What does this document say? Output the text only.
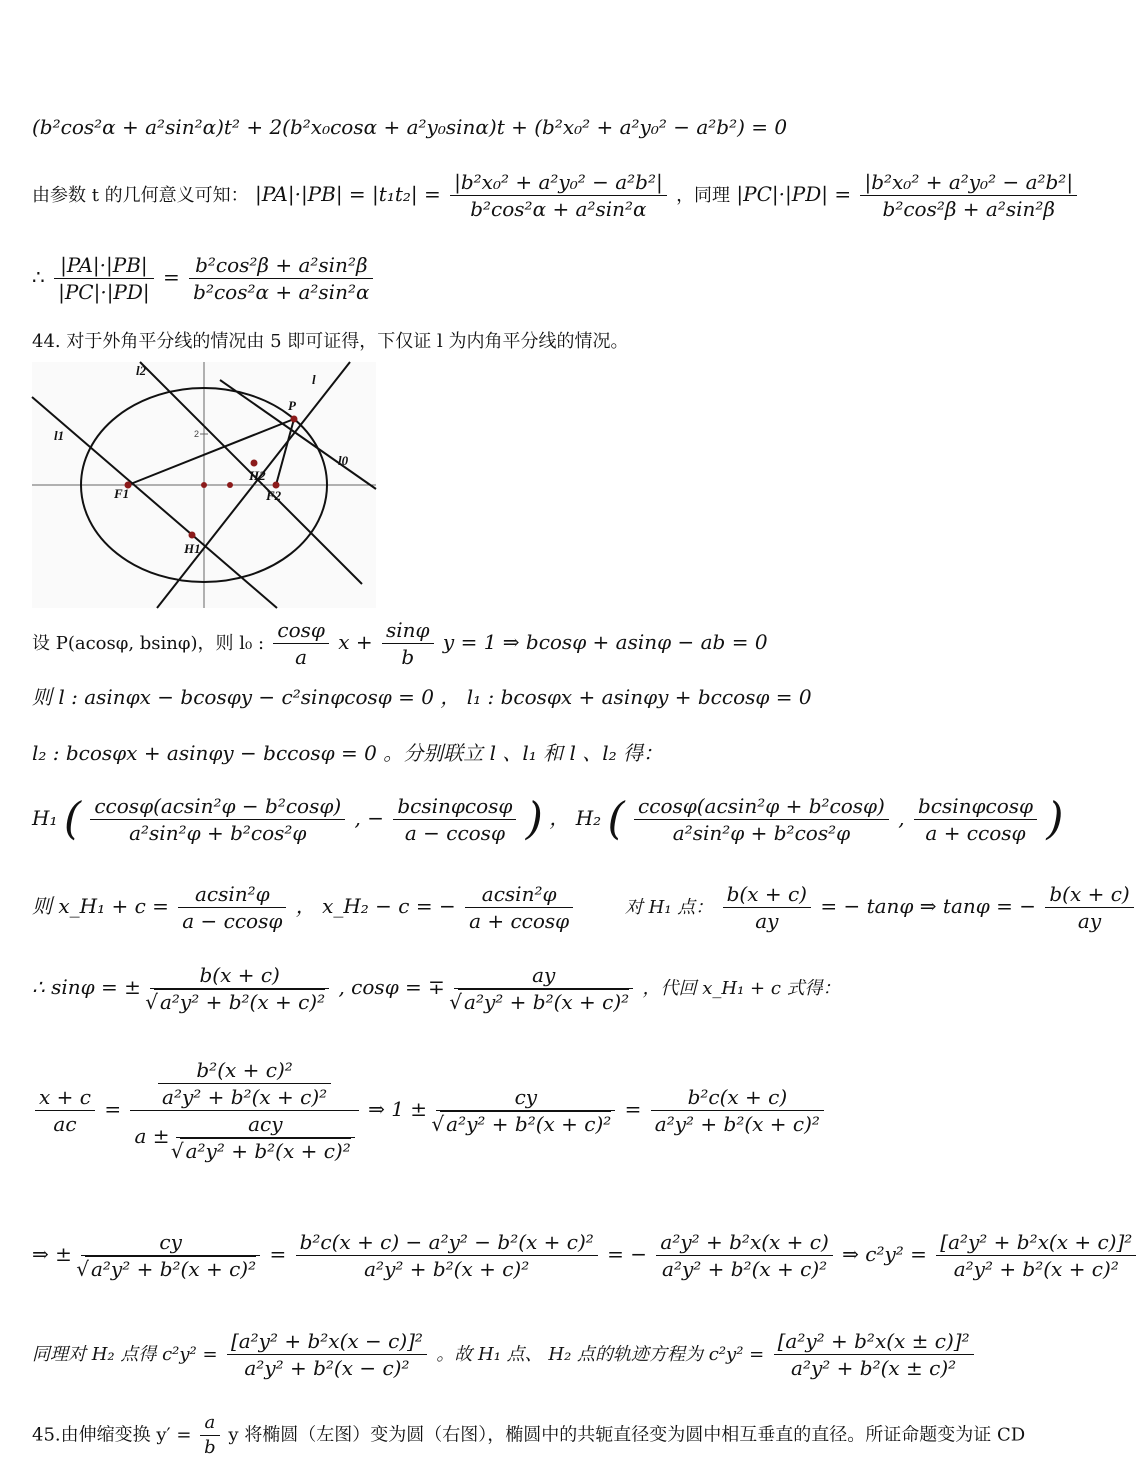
(b²cos²α + a²sin²α)t² + 2(b²x₀cosα + a²y₀sinα)t + (b²x₀² + a²y₀² − a²b²) = 0
由参数 t 的几何意义可知： $|PA|\cdot|PB| = |t_1t_2| = \frac{\text{|b²x₀² + a²y₀² − a²b²|}}{\text{b²cos²α + a²sin²α}}$ ，同理 $|PC|\cdot|PD| = \frac{\text{|b²x₀² + a²y₀² − a²b²|}}{\text{b²cos²β + a²sin²β}}$
∴ $\frac{|PA|\cdot|PB|}{|PC|\cdot|PD|} = \frac{\text{b²cos²β + a²sin²β}}{\text{b²cos²α + a²sin²α}}$
44. 对于外角平分线的情况由 5 即可证得，下仅证 l 为内角平分线的情况。
l2
l
l1
l0
P
H2
F1	F2
H1
2
设 P(acosφ, bsinφ)，则 l₀ : $\frac{\cos\varphi}{a}$ $x + \frac{\sin\varphi}{b}$ y = 1 ⇒ bcosφ + asinφ − ab = 0
则 l : asinφx − bcosφy − c²sinφcosφ = 0 ， l₁ : bcosφx + asinφy + bccosφ = 0
l₂ : bcosφx + asinφy − bccosφ = 0 。分别联立 l 、l₁ 和 l 、l₂ 得：
H₁ ( $\frac{\text{ccosφ(acsin²φ − b²cosφ)}}{\text{a²sin²φ + b²cos²φ}}$ , − $\frac{bcsin\varphi\cos\varphi}{a - ccos\varphi}$ ) ， H₂ ( $\frac{\text{ccosφ(acsin²φ + b²cosφ)}}{\text{a²sin²φ + b²cos²φ}}$ , $\frac{bcsin\varphi\cos\varphi}{a + ccos\varphi}$ )
则 x_H₁ + $c = \frac{\text{acsin²φ}}{a - ccos\varphi}$ ， x_H₂ − c = − $\frac{\text{acsin²φ}}{a + ccos\varphi}$	对 H₁ 点： $\frac{b(x + c)}{ay}$ = − tanφ ⇒ tanφ = − $\frac{b(x + c)}{ay}$
∴ sinφ = ± b(x + c)
√ a²y² + b²(x + c)² , cosφ = ∓ ay
√ a²y² + b²(x + c)² ，代回 x_H₁ + c 式得：
$\frac{x + c}{ac} = \frac{\text{b²(x + c)²}}{\text{a²y² + b²(x + c)²}}$
a ± acy
√ a²y² + b²(x + c)² ⇒ 1 ± cy
√ $a^2y^2 + b^2(x + c)^2 = \frac{\text{b²c(x + c)}}{\text{a²y² + b²(x + c)²}}$
⇒ ± cy
√ $a^2y^2 + b^2(x + c)^2 = \frac{\text{b²c(x + c) − a²y² − b²(x + c)²}}{\text{a²y² + b²(x + c)²}}$ = − $\frac{\text{a²y² + b²x(x + c)}}{\text{a²y² + b²(x + c)²}}$ ⇒ $c^2y^2 = \frac{\text{[a²y² + b²x(x + c)]²}}{\text{a²y² + b²(x + c)²}}$
同理对 H₂ 点得 $c^2y^2 = \frac{\text{[a²y² + b²x(x − c)]²}}{\text{a²y² + b²(x − c)²}}$ 。故 H₁ 点、 H₂ 点的轨迹方程为 $c^2y^2 = \frac{\text{[a²y² + b²x(x ± c)]²}}{\text{a²y² + b²(x ± c)²}}$
45.由伸缩变换 $y' = \frac{a}{b}$ y 将椭圆（左图）变为圆（右图），椭圆中的共轭直径变为圆中相互垂直的直径。所证命题变为证 CD
